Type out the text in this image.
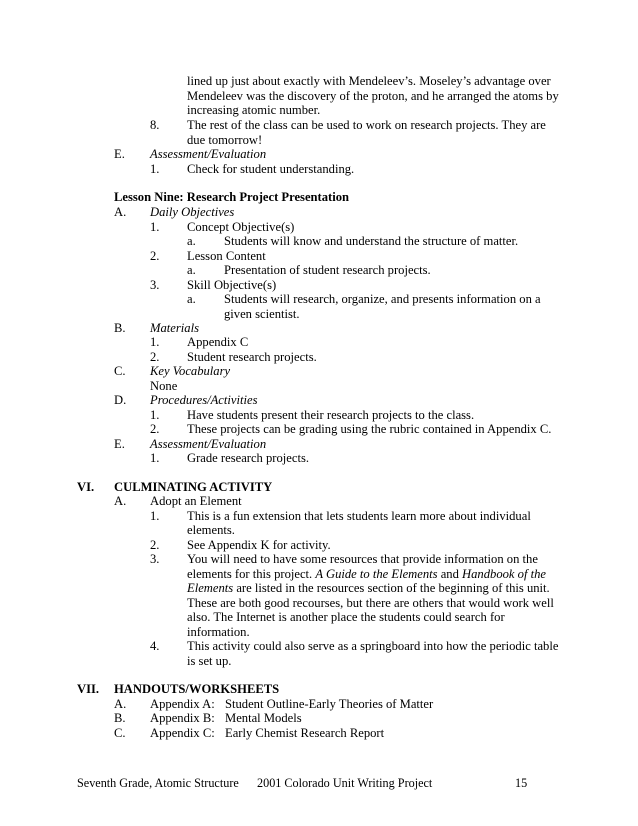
lined up just about exactly with Mendeleev’s. Moseley’s advantage over
Mendeleev was the discovery of the proton, and he arranged the atoms by
increasing atomic number.
8. The rest of the class can be used to work on research projects. They are
due tomorrow!
E. Assessment/Evaluation
1. Check for student understanding.
Lesson Nine: Research Project Presentation
A. Daily Objectives
1. Concept Objective(s)
a. Students will know and understand the structure of matter.
2. Lesson Content
a. Presentation of student research projects.
3. Skill Objective(s)
a. Students will research, organize, and presents information on a
given scientist.
B. Materials
1. Appendix C
2. Student research projects.
C. Key Vocabulary
None
D. Procedures/Activities
1. Have students present their research projects to the class.
2. These projects can be grading using the rubric contained in Appendix C.
E. Assessment/Evaluation
1. Grade research projects.
VI. CULMINATING ACTIVITY
A. Adopt an Element
1. This is a fun extension that lets students learn more about individual
elements.
2. See Appendix K for activity.
3. You will need to have some resources that provide information on the
elements for this project. A Guide to the Elements and Handbook of the
Elements are listed in the resources section of the beginning of this unit.
These are both good recourses, but there are others that would work well
also. The Internet is another place the students could search for
information.
4. This activity could also serve as a springboard into how the periodic table
is set up.
VII. HANDOUTS/WORKSHEETS
A. Appendix A: Student Outline-Early Theories of Matter
B. Appendix B: Mental Models
C. Appendix C: Early Chemist Research Report
Seventh Grade, Atomic Structure 2001 Colorado Unit Writing Project	15
